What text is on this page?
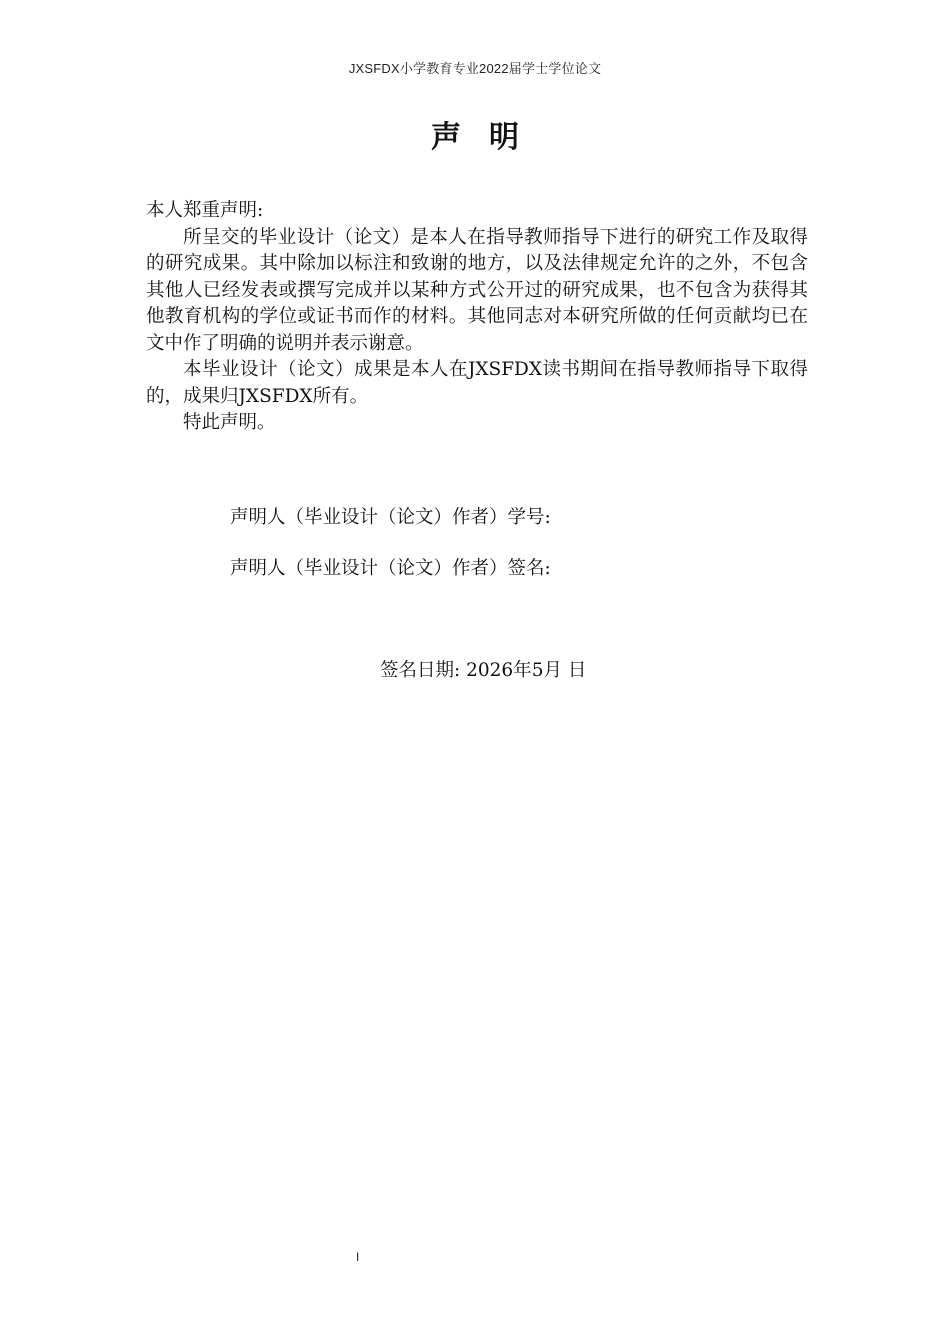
JXSFDX小学教育专业2022届学士学位论文
声明

本人郑重声明:

所呈交的毕业设计（论文）是本人在指导教师指导下进行的研究工作及取得的研究成果。其中除加以标注和致谢的地方，以及法律规定允许的之外，不包含其他人已经发表或撰写完成并以某种方式公开过的研究成果，也不包含为获得其他教育机构的学位或证书而作的材料。其他同志对本研究所做的任何贡献均已在文中作了明确的说明并表示谢意。

本毕业设计（论文）成果是本人在JXSFDX读书期间在指导教师指导下取得的，成果归JXSFDX所有。

特此声明。

声明人（毕业设计（论文）作者）学号:
声明人（毕业设计（论文）作者）签名:
签名日期: 2026年5月 日
I
